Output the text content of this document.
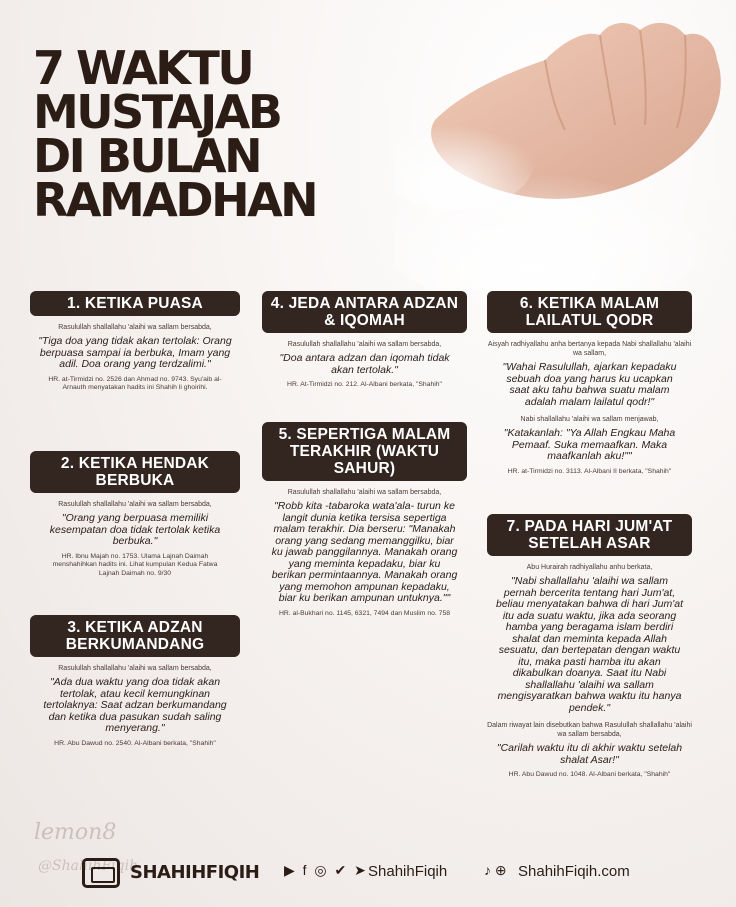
7 WAKTU
MUSTAJAB
DI BULAN
RAMADHAN
1. KETIKA PUASA
Rasulullah shallallahu 'alaihi wa sallam bersabda,
"Tiga doa yang tidak akan tertolak: Orang berpuasa sampai ia berbuka, Imam yang adil. Doa orang yang terdzalimi."
HR. at-Tirmidzi no. 2526 dan Ahmad no. 9743. Syu'aib al-Arnauth menyatakan hadits ini Shahih li ghoirihi.
2. KETIKA HENDAK BERBUKA
Rasulullah shallallahu 'alaihi wa sallam bersabda,
"Orang yang berpuasa memiliki kesempatan doa tidak tertolak ketika berbuka."
HR. Ibnu Majah no. 1753. Ulama Lajnah Daimah menshahihkan hadits ini. Lihat kumpulan Kedua Fatwa Lajnah Daimah no. 9/30
3. KETIKA ADZAN BERKUMANDANG
Rasulullah shallallahu 'alaihi wa sallam bersabda,
"Ada dua waktu yang doa tidak akan tertolak, atau kecil kemungkinan tertolaknya: Saat adzan berkumandang dan ketika dua pasukan sudah saling menyerang."
HR. Abu Dawud no. 2540. Al-Albani berkata, "Shahih"
4. JEDA ANTARA ADZAN & IQOMAH
Rasulullah shallallahu 'alaihi wa sallam bersabda,
"Doa antara adzan dan iqomah tidak akan tertolak."
HR. At-Tirmidzi no. 212. Al-Albani berkata, "Shahih"
5. SEPERTIGA MALAM TERAKHIR (WAKTU SAHUR)
Rasulullah shallallahu 'alaihi wa sallam bersabda,
"Robb kita -tabaroka wata'ala- turun ke langit dunia ketika tersisa sepertiga malam terakhir. Dia berseru: "Manakah orang yang sedang memanggilku, biar ku jawab panggilannya. Manakah orang yang meminta kepadaku, biar ku berikan permintaannya. Manakah orang yang memohon ampunan kepadaku, biar ku berikan ampunan untuknya.""
HR. al-Bukhari no. 1145, 6321, 7494 dan Muslim no. 758
6. KETIKA MALAM LAILATUL QODR
Aisyah radhiyallahu anha bertanya kepada Nabi shallallahu 'alaihi wa sallam,
"Wahai Rasulullah, ajarkan kepadaku sebuah doa yang harus ku ucapkan saat aku tahu bahwa suatu malam adalah malam lailatul qodr!"
Nabi shallallahu 'alaihi wa sallam menjawab,
"Katakanlah: "Ya Allah Engkau Maha Pemaaf. Suka memaafkan. Maka maafkanlah aku!""
HR. at-Tirmidzi no. 3113. Al-Albani II berkata, "Shahih"
7. PADA HARI JUM'AT SETELAH ASAR
Abu Hurairah radhiyallahu anhu berkata,
"Nabi shallallahu 'alaihi wa sallam pernah bercerita tentang hari Jum'at, beliau menyatakan bahwa di hari Jum'at itu ada suatu waktu, jika ada seorang hamba yang beragama islam berdiri shalat dan meminta kepada Allah sesuatu, dan bertepatan dengan waktu itu, maka pasti hamba itu akan dikabulkan doanya. Saat itu Nabi shallallahu 'alaihi wa sallam mengisyaratkan bahwa waktu itu hanya pendek."
Dalam riwayat lain disebutkan bahwa Rasulullah shallallahu 'alaihi wa sallam bersabda,
"Carilah waktu itu di akhir waktu setelah shalat Asar!"
HR. Abu Dawud no. 1048. Al-Albani berkata, "Shahih"
lemon8
@ShahihFiqih
SHAHIHFIQIH ▶ f ◎ ✔ ➤ ShahihFiqih	♪ ⊕ ShahihFiqih.com
